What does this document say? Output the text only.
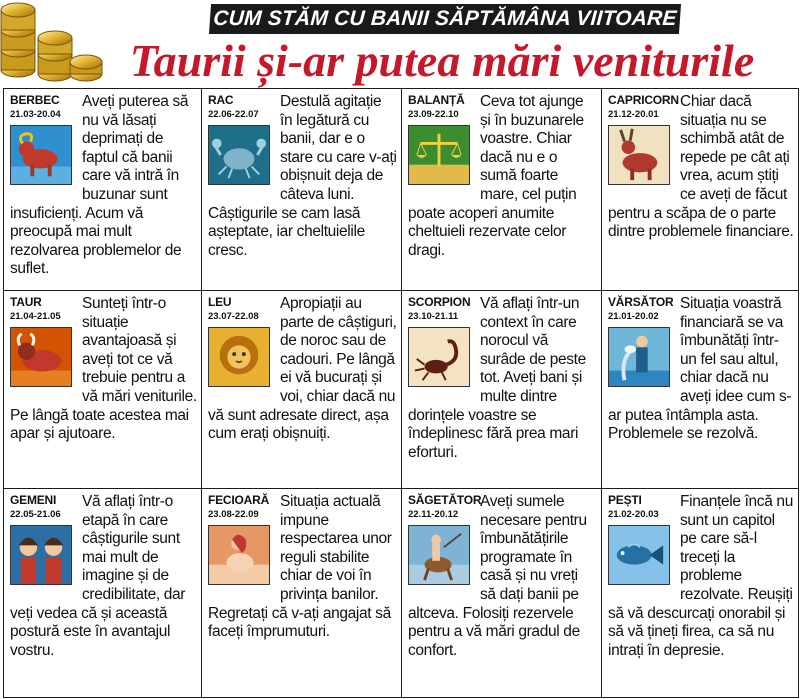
CUM STĂM CU BANII SĂPTĂMÂNA VIITOARE
Taurii și-ar putea mări veniturile
Aveți puterea să nu vă lăsați deprimați de faptul că banii care vă intră în buzunar sunt insuficienți. Acum vă preocupă mai mult rezolvarea problemelor de suflet.
BERBEC
21.03-20.04
Destulă agitație în legătură cu banii, dar e o stare cu care v-ați obișnuit deja de câteva luni. Câștigurile se cam lasă așteptate, iar cheltuielile cresc.
RAC
22.06-22.07
Ceva tot ajunge și în buzunarele voastre. Chiar dacă nu e o sumă foarte mare, cel puțin poate acoperi anumite cheltuieli rezervate celor dragi.
BALANȚĂ
23.09-22.10
Chiar dacă situația nu se schimbă atât de repede pe cât ați vrea, acum știți ce aveți de făcut pentru a scăpa de o parte dintre problemele financiare.
CAPRICORN
21.12-20.01
Sunteți într-o situație avantajoasă și aveți tot ce vă trebuie pentru a vă mări veniturile. Pe lângă toate acestea mai apar și ajutoare.
TAUR
21.04-21.05
Apropiații au parte de câștiguri, de noroc sau de cadouri. Pe lângă ei vă bucurați și voi, chiar dacă nu vă sunt adresate direct, așa cum erați obișnuiți.
LEU
23.07-22.08
Vă aflați într-un context în care norocul vă surâde de peste tot. Aveți bani și multe dintre dorințele voastre se îndeplinesc fără prea mari eforturi.
SCORPION
23.10-21.11
Situația voastră financiară se va îmbunătăți într-un fel sau altul, chiar dacă nu aveți idee cum s-ar putea întâmpla asta. Problemele se rezolvă.
VĂRSĂTOR
21.01-20.02
Vă aflați într-o etapă în care câștigurile sunt mai mult de imagine și de credibilitate, dar veți vedea că și această postură este în avantajul vostru.
GEMENI
22.05-21.06
Situația actuală impune respectarea unor reguli stabilite chiar de voi în privința banilor. Regretați că v-ați angajat să faceți împrumuturi.
FECIOARĂ
23.08-22.09
Aveți sumele necesare pentru îmbunătățirile programate în casă și nu vreți să dați banii pe altceva. Folosiți rezervele pentru a vă mări gradul de confort.
SĂGETĂTOR
22.11-20.12
Finanțele încă nu sunt un capitol pe care să-l treceți la probleme rezolvate. Reușiți să vă descurcați onorabil și să vă țineți firea, ca să nu intrați în depresie.
PEȘTI
21.02-20.03
